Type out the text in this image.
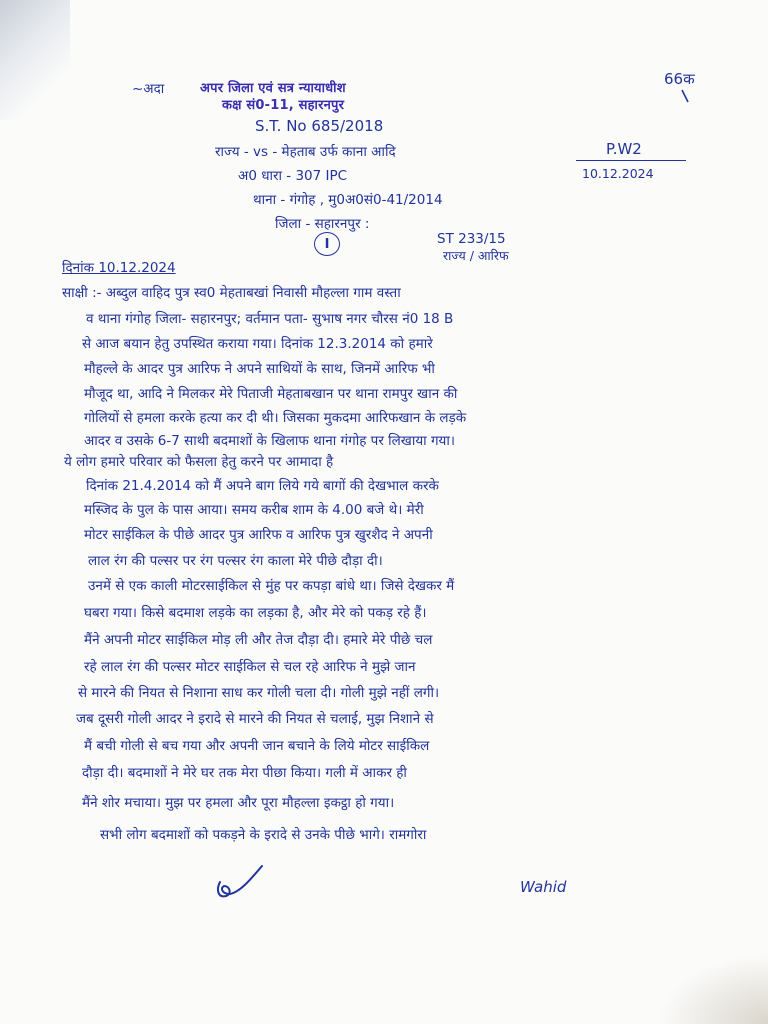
~अदा	अपर जिला एवं सत्र न्यायाधीश
कक्ष सं0-11, सहारनपुर
66क
S.T. No 685/2018
राज्य - vs - मेहताब उर्फ काना आदि
अ0 धारा - 307 IPC
थाना - गंगोह , मु0अ0सं0-41/2014
जिला - सहारनपुर :
P.W2
10.12.2024
I	ST 233/15
राज्य / आरिफ
दिनांक 10.12.2024
साक्षी :- अब्दुल वाहिद पुत्र स्व0 मेहताबखां निवासी मौहल्ला गाम वस्ता
व थाना गंगोह जिला- सहारनपुर; वर्तमान पता- सुभाष नगर चौरस नं0 18 B
से आज बयान हेतु उपस्थित कराया गया। दिनांक 12.3.2014 को हमारे
मौहल्ले के आदर पुत्र आरिफ ने अपने साथियों के साथ, जिनमें आरिफ भी
मौजूद था, आदि ने मिलकर मेरे पिताजी मेहताबखान पर थाना रामपुर खान की
गोलियों से हमला करके हत्या कर दी थी। जिसका मुकदमा आरिफखान के लड़के
आदर व उसके 6-7 साथी बदमाशों के खिलाफ थाना गंगोह पर लिखाया गया।
ये लोग हमारे परिवार को फैसला हेतु करने पर आमादा है
दिनांक 21.4.2014 को मैं अपने बाग लिये गये बागों की देखभाल करके
मस्जिद के पुल के पास आया। समय करीब शाम के 4.00 बजे थे। मेरी
मोटर साईकिल के पीछे आदर पुत्र आरिफ व आरिफ पुत्र खुरशैद ने अपनी
लाल रंग की पल्सर पर रंग पल्सर रंग काला मेरे पीछे दौड़ा दी।
उनमें से एक काली मोटरसाईकिल से मुंह पर कपड़ा बांधे था। जिसे देखकर मैं
घबरा गया। किसे बदमाश लड़के का लड़का है, और मेरे को पकड़ रहे हैं।
मैंने अपनी मोटर साईकिल मोड़ ली और तेज दौड़ा दी। हमारे मेरे पीछे चल
रहे लाल रंग की पल्सर मोटर साईकिल से चल रहे आरिफ ने मुझे जान
से मारने की नियत से निशाना साध कर गोली चला दी। गोली मुझे नहीं लगी।
जब दूसरी गोली आदर ने इरादे से मारने की नियत से चलाई, मुझ निशाने से
मैं बची गोली से बच गया और अपनी जान बचाने के लिये मोटर साईकिल
दौड़ा दी। बदमाशों ने मेरे घर तक मेरा पीछा किया। गली में आकर ही
मैंने शोर मचाया। मुझ पर हमला और पूरा मौहल्ला इकट्ठा हो गया।
सभी लोग बदमाशों को पकड़ने के इरादे से उनके पीछे भागे। रामगोरा
Wahid
